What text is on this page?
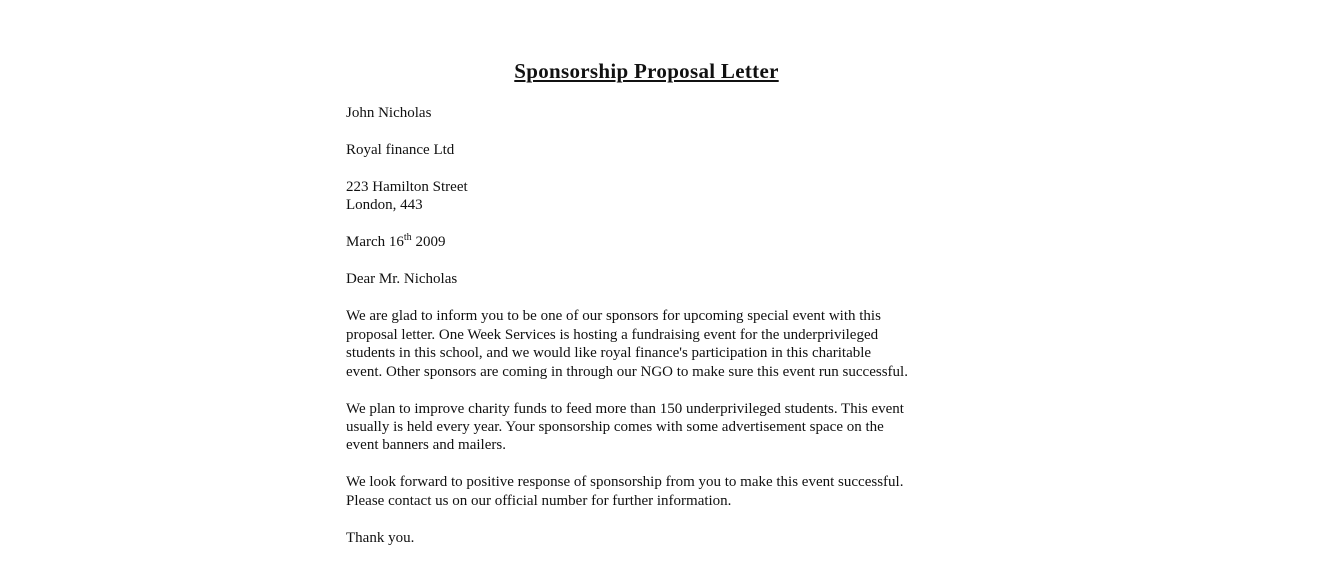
Sponsorship Proposal Letter

John Nicholas

Royal finance Ltd

223 Hamilton Street
London, 443

March 16th 2009

Dear Mr. Nicholas

We are glad to inform you to be one of our sponsors for upcoming special event with this
proposal letter. One Week Services is hosting a fundraising event for the underprivileged
students in this school, and we would like royal finance's participation in this charitable
event. Other sponsors are coming in through our NGO to make sure this event run successful.

We plan to improve charity funds to feed more than 150 underprivileged students. This event
usually is held every year. Your sponsorship comes with some advertisement space on the
event banners and mailers.

We look forward to positive response of sponsorship from you to make this event successful.
Please contact us on our official number for further information.

Thank you.
